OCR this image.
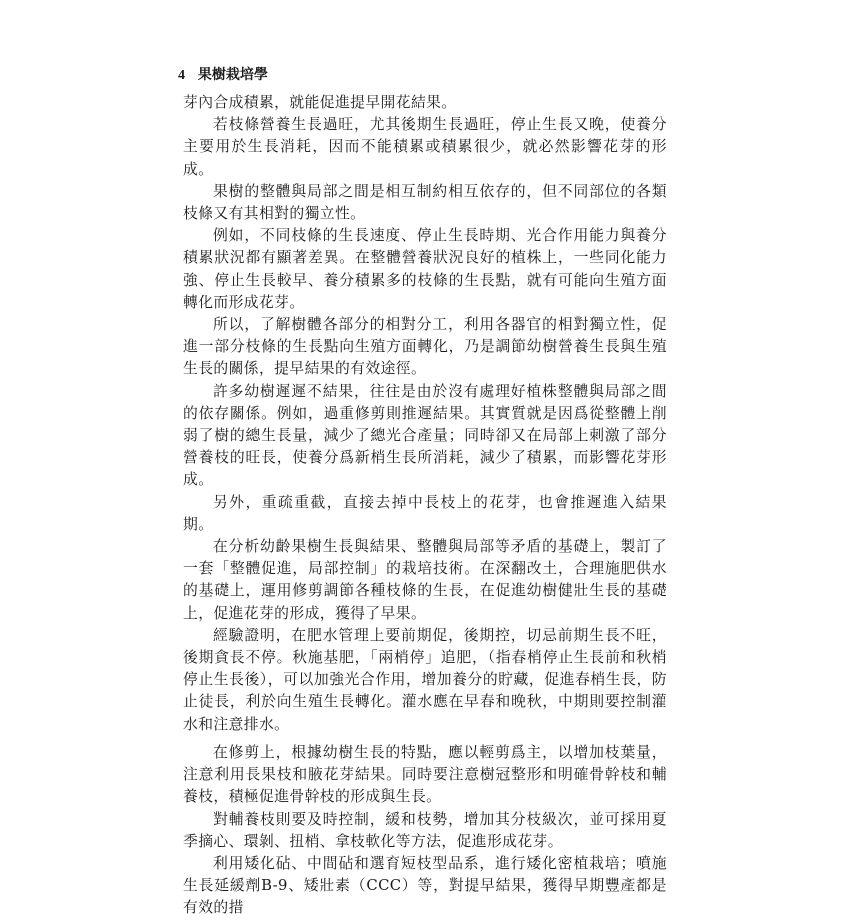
4 果樹栽培學

芽內合成積累，就能促進提早開花結果。

若枝條營養生長過旺，尤其後期生長過旺，停止生長又晚，使養分主要用於生長消耗，因而不能積累或積累很少，就必然影響花芽的形成。

果樹的整體與局部之間是相互制約相互依存的，但不同部位的各類枝條又有其相對的獨立性。

例如，不同枝條的生長速度、停止生長時期、光合作用能力與養分積累狀況都有顯著差異。在整體營養狀況良好的植株上，一些同化能力強、停止生長較早、養分積累多的枝條的生長點，就有可能向生殖方面轉化而形成花芽。

所以，了解樹體各部分的相對分工，利用各器官的相對獨立性，促進一部分枝條的生長點向生殖方面轉化，乃是調節幼樹營養生長與生殖生長的關係，提早結果的有效途徑。

許多幼樹遲遲不結果，往往是由於沒有處理好植株整體與局部之間的依存關係。例如，過重修剪則推遲結果。其實質就是因爲從整體上削弱了樹的總生長量，減少了總光合產量；同時卻又在局部上刺激了部分營養枝的旺長，使養分爲新梢生長所消耗，減少了積累，而影響花芽形成。

另外，重疏重截，直接去掉中長枝上的花芽，也會推遲進入結果期。

在分析幼齡果樹生長與結果、整體與局部等矛盾的基礎上，製訂了一套「整體促進，局部控制」的栽培技術。在深翻改土，合理施肥供水的基礎上，運用修剪調節各種枝條的生長，在促進幼樹健壯生長的基礎上，促進花芽的形成，獲得了早果。

經驗證明，在肥水管理上要前期促，後期控，切忌前期生長不旺，後期貪長不停。秋施基肥，「兩梢停」追肥，（指春梢停止生長前和秋梢停止生長後），可以加強光合作用，增加養分的貯藏，促進春梢生長，防止徒長，利於向生殖生長轉化。灌水應在早春和晚秋，中期則要控制灌水和注意排水。

在修剪上，根據幼樹生長的特點，應以輕剪爲主，以增加枝葉量，注意利用長果枝和腋花芽結果。同時要注意樹冠整形和明確骨幹枝和輔養枝，積極促進骨幹枝的形成與生長。

對輔養枝則要及時控制，緩和枝勢，增加其分枝級次，並可採用夏季摘心、環剝、扭梢、拿枝軟化等方法，促進形成花芽。

利用矮化砧、中間砧和選育短枝型品系，進行矮化密植栽培；噴施生長延緩劑B-9、矮壯素（CCC）等，對提早結果，獲得早期豐產都是有效的措
